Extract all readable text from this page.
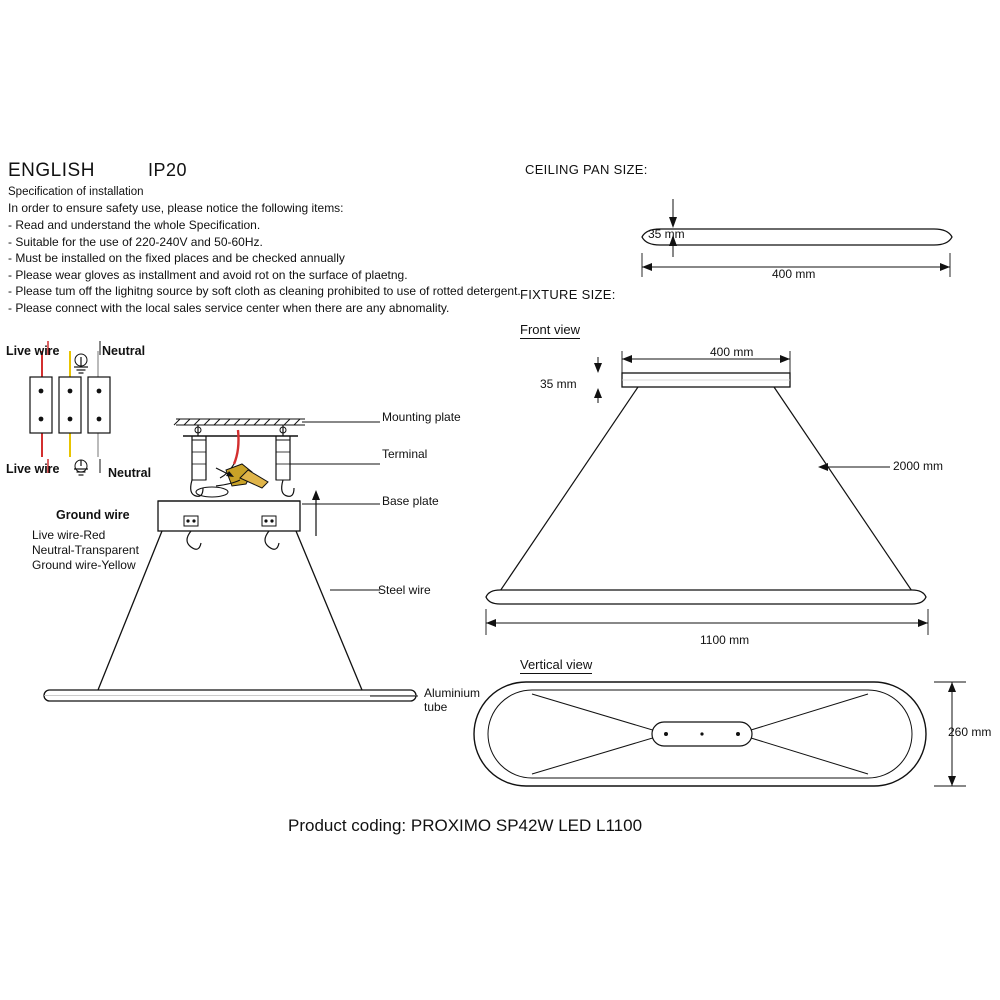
ENGLISH	IP20
Specification of installation
In order to ensure safety use, please notice the following items:
- Read and understand the whole Specification.
- Suitable for the use of 220-240V and 50-60Hz.
- Must be installed on the fixed places and be checked annually
- Please wear gloves as installment and avoid rot on the surface of plaetng.
- Please tum off the lighitng source by soft cloth as cleaning prohibited to use of rotted detergent.
- Please connect with the local sales service center when there are any abnomality.
Live wire	Neutral
Live wire	Neutral
Ground wire
Live wire-Red
Neutral-Transparent
Ground wire-Yellow
Mounting plate
Terminal
Base plate
Steel wire
Aluminium
tube
CEILING PAN SIZE:
35 mm
400 mm
FIXTURE SIZE:
Front view
400 mm
35 mm
2000 mm
1100 mm
Vertical view
260 mm
Product coding: PROXIMO SP42W LED L1100
